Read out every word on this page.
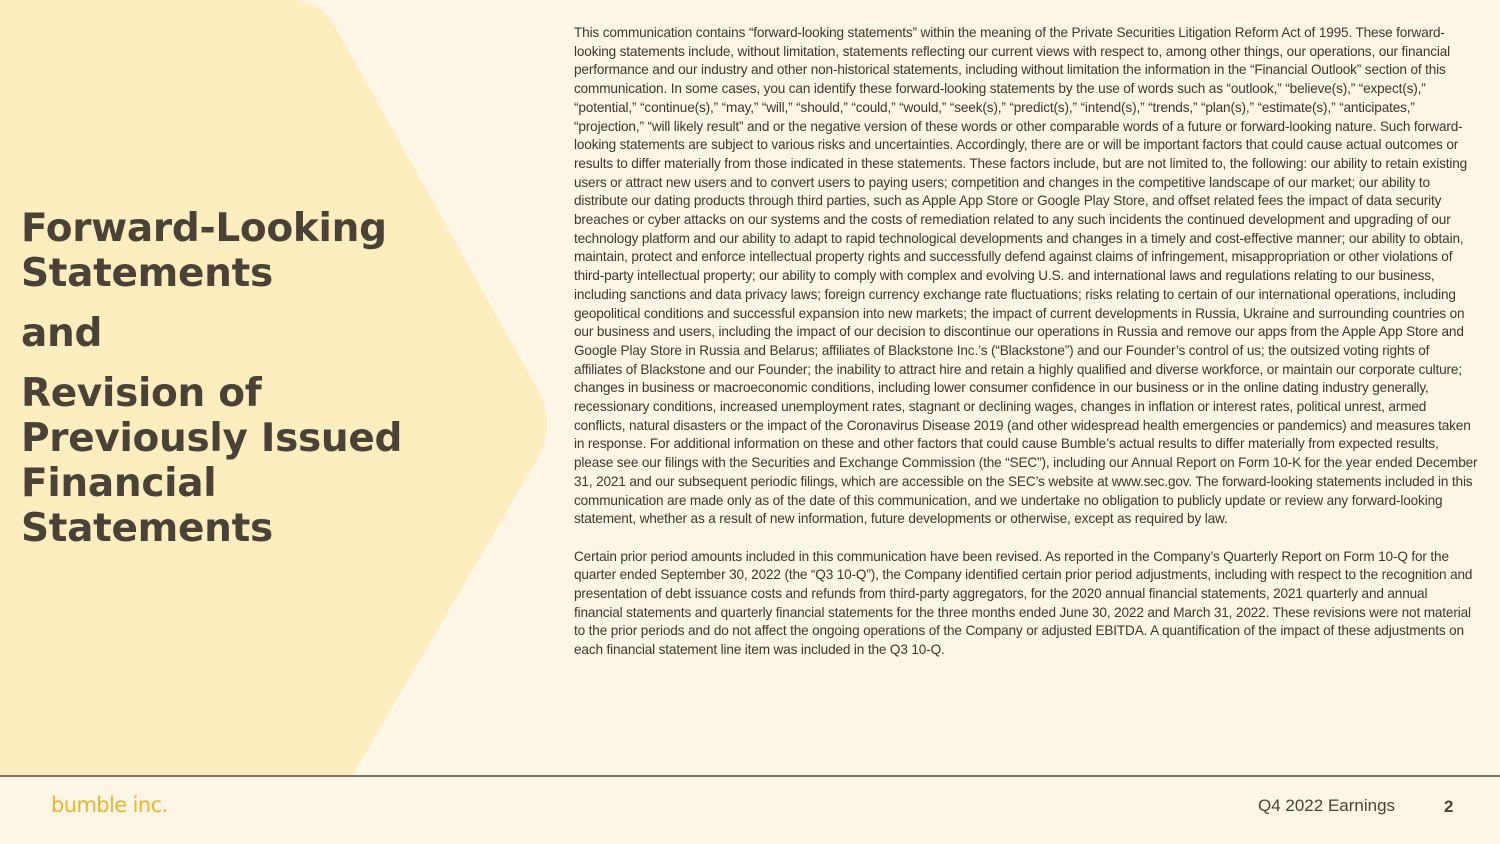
Forward-Looking
Statements
and
Revision of
Previously Issued
Financial Statements

This communication contains “forward-looking statements” within the meaning of the Private Securities Litigation Reform Act of 1995. These forward-looking statements include, without limitation, statements reflecting our current views with respect to, among other things, our operations, our financial performance and our industry and other non-historical statements, including without limitation the information in the “Financial Outlook” section of this communication. In some cases, you can identify these forward-looking statements by the use of words such as “outlook,” “believe(s),” “expect(s),” “potential,” “continue(s),” “may,” “will,” “should,” “could,” “would,” “seek(s),” “predict(s),” “intend(s),” “trends,” “plan(s),” “estimate(s),” “anticipates,” “projection,” “will likely result” and or the negative version of these words or other comparable words of a future or forward-looking nature. Such forward-looking statements are subject to various risks and uncertainties. Accordingly, there are or will be important factors that could cause actual outcomes or results to differ materially from those indicated in these statements. These factors include, but are not limited to, the following: our ability to retain existing users or attract new users and to convert users to paying users; competition and changes in the competitive landscape of our market; our ability to distribute our dating products through third parties, such as Apple App Store or Google Play Store, and offset related fees the impact of data security breaches or cyber attacks on our systems and the costs of remediation related to any such incidents the continued development and upgrading of our technology platform and our ability to adapt to rapid technological developments and changes in a timely and cost-effective manner; our ability to obtain, maintain, protect and enforce intellectual property rights and successfully defend against claims of infringement, misappropriation or other violations of third-party intellectual property; our ability to comply with complex and evolving U.S. and international laws and regulations relating to our business, including sanctions and data privacy laws; foreign currency exchange rate fluctuations; risks relating to certain of our international operations, including geopolitical conditions and successful expansion into new markets; the impact of current developments in Russia, Ukraine and surrounding countries on our business and users, including the impact of our decision to discontinue our operations in Russia and remove our apps from the Apple App Store and Google Play Store in Russia and Belarus; affiliates of Blackstone Inc.’s (“Blackstone”) and our Founder’s control of us; the outsized voting rights of affiliates of Blackstone and our Founder; the inability to attract hire and retain a highly qualified and diverse workforce, or maintain our corporate culture; changes in business or macroeconomic conditions, including lower consumer confidence in our business or in the online dating industry generally, recessionary conditions, increased unemployment rates, stagnant or declining wages, changes in inflation or interest rates, political unrest, armed conflicts, natural disasters or the impact of the Coronavirus Disease 2019 (and other widespread health emergencies or pandemics) and measures taken in response. For additional information on these and other factors that could cause Bumble’s actual results to differ materially from expected results, please see our filings with the Securities and Exchange Commission (the “SEC”), including our Annual Report on Form 10-K for the year ended December 31, 2021 and our subsequent periodic filings, which are accessible on the SEC’s website at www.sec.gov. The forward-looking statements included in this communication are made only as of the date of this communication, and we undertake no obligation to publicly update or review any forward-looking statement, whether as a result of new information, future developments or otherwise, except as required by law.

Certain prior period amounts included in this communication have been revised. As reported in the Company’s Quarterly Report on Form 10-Q for the quarter ended September 30, 2022 (the “Q3 10-Q”), the Company identified certain prior period adjustments, including with respect to the recognition and presentation of debt issuance costs and refunds from third-party aggregators, for the 2020 annual financial statements, 2021 quarterly and annual financial statements and quarterly financial statements for the three months ended June 30, 2022 and March 31, 2022. These revisions were not material to the prior periods and do not affect the ongoing operations of the Company or adjusted EBITDA. A quantification of the impact of these adjustments on each financial statement line item was included in the Q3 10-Q.

bumble inc.	Q4 2022 Earnings	2
